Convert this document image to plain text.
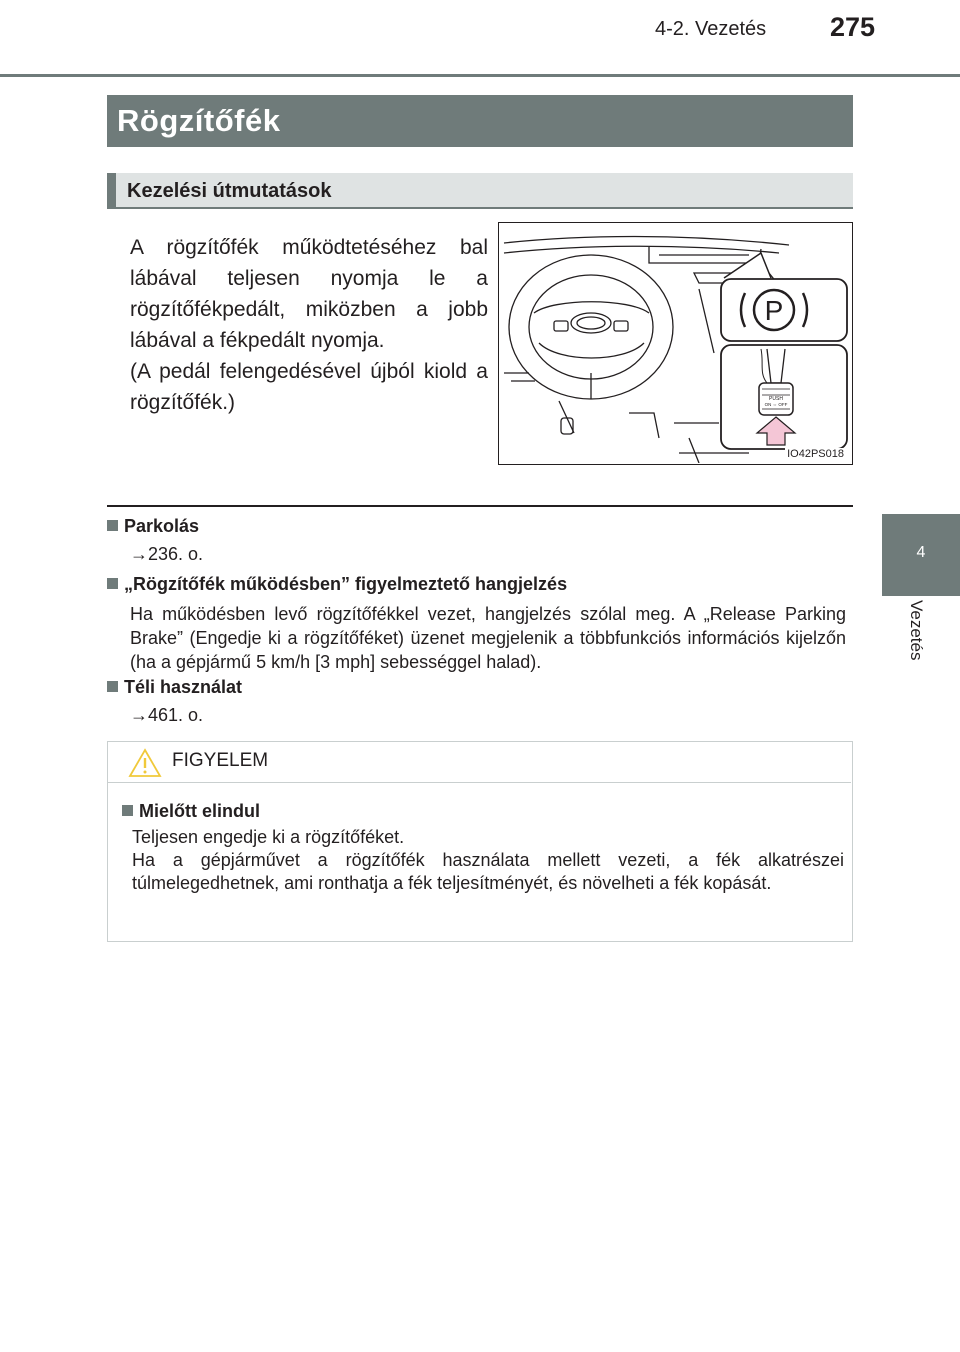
4-2. Vezetés 275
4
Vezetés
Rögzítőfék
Kezelési útmutatások

A rögzítőfék működtetéséhez bal lábával teljesen nyomja le a rögzítőfékpedált, miközben a jobb lábával a fékpedált nyomja.

(A pedál felengedésével újból kiold a rögzítőfék.)

P
PUSH
ON ⇔ OFF
IO42PS018
Parkolás
→236. o.
„Rögzítőfék működésben” figyelmeztető hangjelzés
Ha működésben levő rögzítőfékkel vezet, hangjelzés szólal meg. A „Release Parking Brake” (Engedje ki a rögzítőféket) üzenet megjelenik a többfunkciós információs kijelzőn (ha a gépjármű 5 km/h [3 mph] sebességgel halad).
Téli használat
→461. o.
FIGYELEM
Mielőtt elindul

Teljesen engedje ki a rögzítőféket.

Ha a gépjárművet a rögzítőfék használata mellett vezeti, a fék alkatrészei túlmelegedhetnek, ami ronthatja a fék teljesítményét, és növelheti a fék kopását.
